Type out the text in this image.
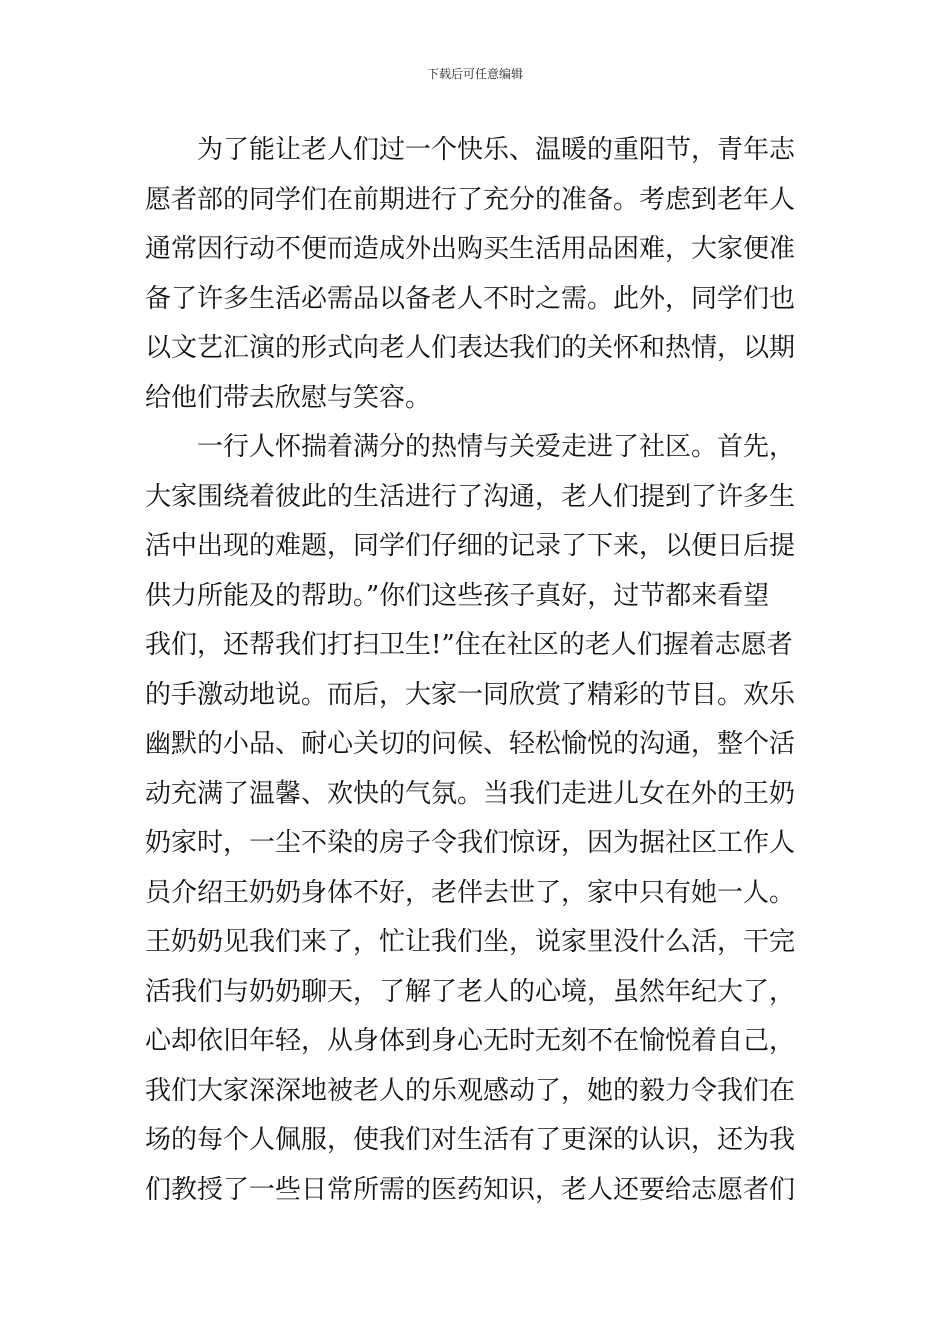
下载后可任意编辑
为了能让老人们过一个快乐、温暖的重阳节，青年志
愿者部的同学们在前期进行了充分的准备。考虑到老年人
通常因行动不便而造成外出购买生活用品困难，大家便准
备了许多生活必需品以备老人不时之需。此外，同学们也
以文艺汇演的形式向老人们表达我们的关怀和热情，以期
给他们带去欣慰与笑容。
一行人怀揣着满分的热情与关爱走进了社区。首先，
大家围绕着彼此的生活进行了沟通，老人们提到了许多生
活中出现的难题，同学们仔细的记录了下来，以便日后提
供力所能及的帮助。”你们这些孩子真好，过节都来看望
我们，还帮我们打扫卫生!”住在社区的老人们握着志愿者
的手激动地说。而后，大家一同欣赏了精彩的节目。欢乐
幽默的小品、耐心关切的问候、轻松愉悦的沟通，整个活
动充满了温馨、欢快的气氛。当我们走进儿女在外的王奶
奶家时，一尘不染的房子令我们惊讶，因为据社区工作人
员介绍王奶奶身体不好，老伴去世了，家中只有她一人。
王奶奶见我们来了，忙让我们坐，说家里没什么活，干完
活我们与奶奶聊天，了解了老人的心境，虽然年纪大了，
心却依旧年轻，从身体到身心无时无刻不在愉悦着自己，
我们大家深深地被老人的乐观感动了，她的毅力令我们在
场的每个人佩服，使我们对生活有了更深的认识，还为我
们教授了一些日常所需的医药知识，老人还要给志愿者们
